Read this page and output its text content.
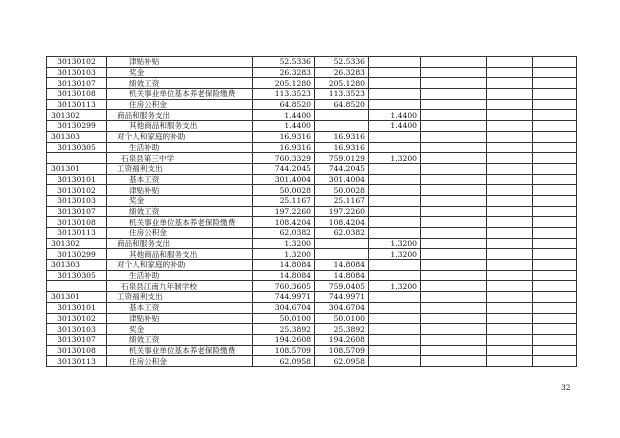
30130102	津贴补贴	52.5336	52.5336				
30130103	奖金	26.3283	26.3283				
30130107	绩效工资	205.1280	205.1280				
30130108	机关事业单位基本养老保险缴费	113.3523	113.3523				
30130113	住房公积金	64.8520	64.8520				
301302	商品和服务支出	1.4400		1.4400			
30130299	其他商品和服务支出	1.4400		1.4400			
301303	对个人和家庭的补助	16.9316	16.9316				
30130305	生活补助	16.9316	16.9316				
	石泉县第三中学	760.3329	759.0129	1.3200			
301301	工资福利支出	744.2045	744.2045				
30130101	基本工资	301.4004	301.4004				
30130102	津贴补贴	50.0028	50.0028				
30130103	奖金	25.1167	25.1167				
30130107	绩效工资	197.2260	197.2260				
30130108	机关事业单位基本养老保险缴费	108.4204	108.4204				
30130113	住房公积金	62.0382	62.0382				
301302	商品和服务支出	1.3200		1.3200			
30130299	其他商品和服务支出	1.3200		1.3200			
301303	对个人和家庭的补助	14.8084	14.8084				
30130305	生活补助	14.8084	14.8084				
	石泉县江南九年制学校	760.3605	759.0405	1.3200			
301301	工资福利支出	744.9971	744.9971				
30130101	基本工资	304.6704	304.6704				
30130102	津贴补贴	50.0100	50.0100				
30130103	奖金	25.3892	25.3892				
30130107	绩效工资	194.2608	194.2608				
30130108	机关事业单位基本养老保险缴费	108.5709	108.5709				
30130113	住房公积金	62.0958	62.0958				
32
